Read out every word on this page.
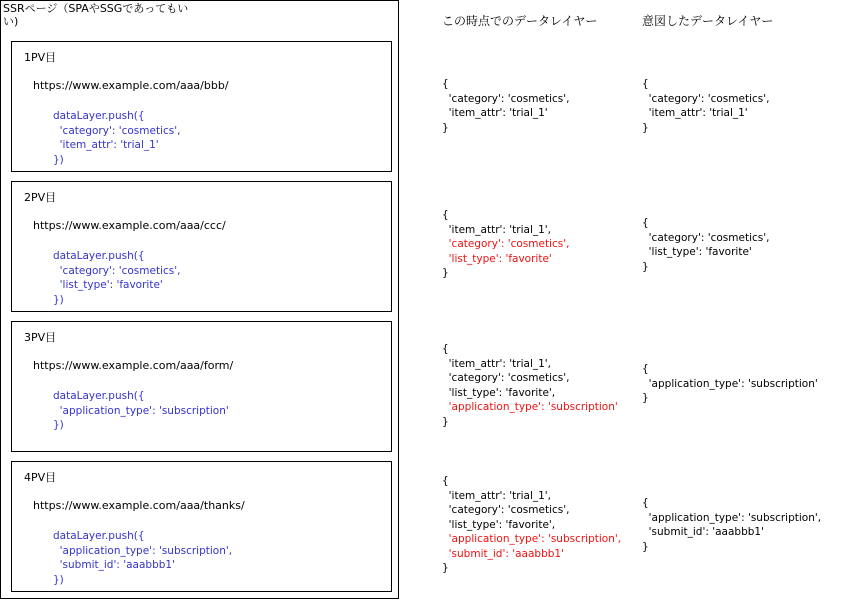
SSRページ（SPAやSSGであってもい
い)
1PV目
https://www.example.com/aaa/bbb/
dataLayer.push({
'category': 'cosmetics',
'item_attr': 'trial_1'
})
2PV目
https://www.example.com/aaa/ccc/
dataLayer.push({
'category': 'cosmetics',
'list_type': 'favorite'
})
3PV目
https://www.example.com/aaa/form/
dataLayer.push({
'application_type': 'subscription'
})
4PV目
https://www.example.com/aaa/thanks/
dataLayer.push({
'application_type': 'subscription',
'submit_id': 'aaabbb1'
})
この時点でのデータレイヤー	意図したデータレイヤー
{
'category': 'cosmetics',
'item_attr': 'trial_1'
}
{
'category': 'cosmetics',
'item_attr': 'trial_1'
}
{
'item_attr': 'trial_1',
'category': 'cosmetics',
'list_type': 'favorite'
}
{
'category': 'cosmetics',
'list_type': 'favorite'
}
{
'item_attr': 'trial_1',
'category': 'cosmetics',
'list_type': 'favorite',
'application_type': 'subscription'
}
{
'application_type': 'subscription'
}
{
'item_attr': 'trial_1',
'category': 'cosmetics',
'list_type': 'favorite',
'application_type': 'subscription',
'submit_id': 'aaabbb1'
}
{
'application_type': 'subscription',
'submit_id': 'aaabbb1'
}
